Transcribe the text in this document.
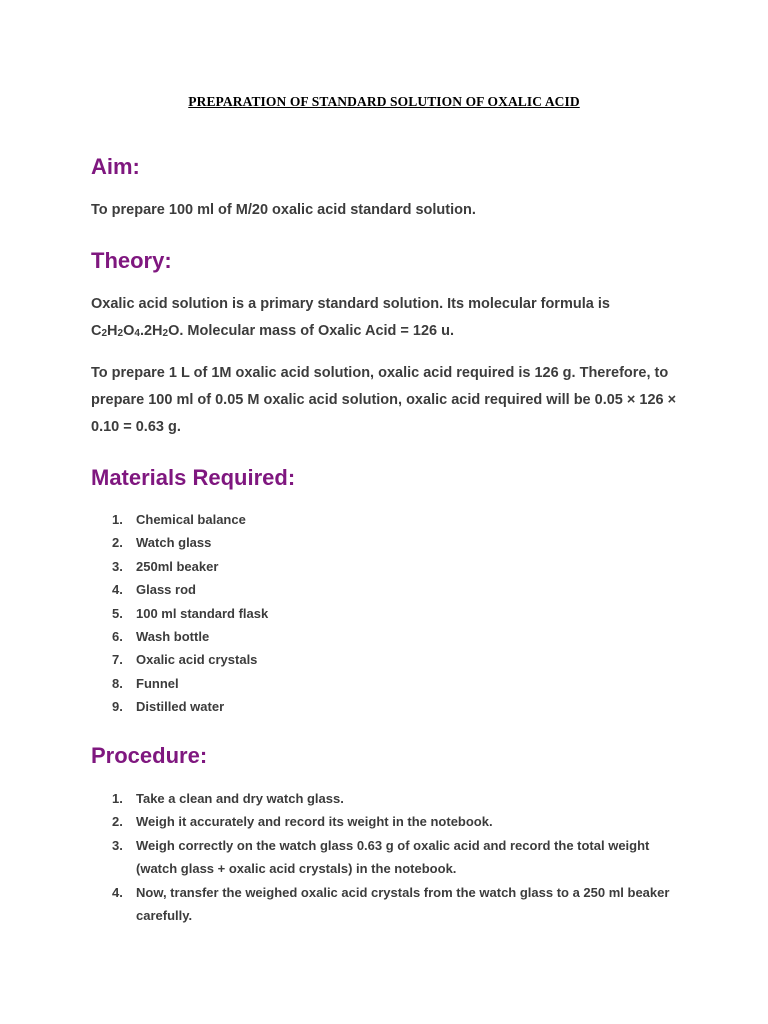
PREPARATION OF STANDARD SOLUTION OF OXALIC ACID
Aim:

To prepare 100 ml of M/20 oxalic acid standard solution.

Theory:

Oxalic acid solution is a primary standard solution. Its molecular formula is $C_2H_2O_4.2H_2O$. Molecular mass of Oxalic Acid = 126 u.

To prepare 1 L of 1M oxalic acid solution, oxalic acid required is 126 g. Therefore, to prepare 100 ml of 0.05 M oxalic acid solution, oxalic acid required will be 0.05 × 126 × 0.10 = 0.63 g.

Materials Required:
1. Chemical balance
2. Watch glass
3. 250ml beaker
4. Glass rod
5. 100 ml standard flask
6. Wash bottle
7. Oxalic acid crystals
8. Funnel
9. Distilled water
Procedure:
1. Take a clean and dry watch glass.
2. Weigh it accurately and record its weight in the notebook.
3. Weigh correctly on the watch glass 0.63 g of oxalic acid and record the total weight (watch glass + oxalic acid crystals) in the notebook.
4. Now, transfer the weighed oxalic acid crystals from the watch glass to a 250 ml beaker carefully.
